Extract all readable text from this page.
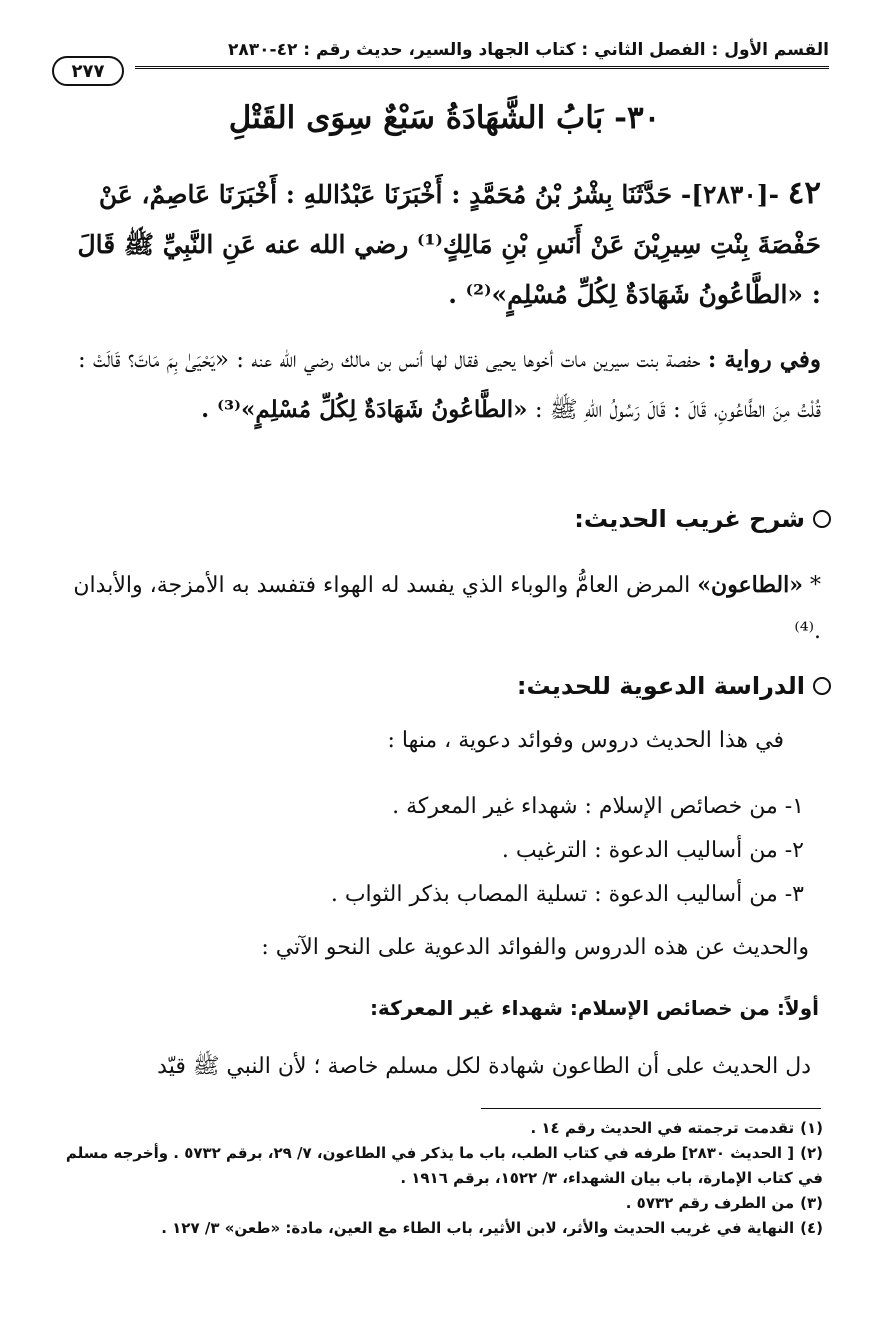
القسم الأول : الفصل الثاني : كتاب الجهاد والسير، حديث رقم : ٤٢-٢٨٣٠
٢٧٧
٣٠- بَابُ الشَّهَادَةُ سَبْعٌ سِوَى القَتْلِ
٤٢ -[٢٨٣٠]- حَدَّثَنَا بِشْرُ بْنُ مُحَمَّدٍ : أَخْبَرَنَا عَبْدُاللهِ : أَخْبَرَنَا عَاصِمٌ، عَنْ حَفْصَةَ بِنْتِ سِيرِيْنَ عَنْ أَنَسِ بْنِ مَالِكٍ⁽¹⁾ رضي الله عنه عَنِ النَّبِيِّ ﷺ قَالَ : «الطَّاعُونُ شَهَادَةٌ لِكُلِّ مُسْلِمٍ»⁽²⁾ .
وفي رواية : حفصة بنت سيرين مات أخوها يحيى فقال لها أنس بن مالك رضي الله عنه : «يَحْيَىٰ بِمَ مَاتَ؟ قَالَتْ : قُلْتُ مِنَ الطَّاعُونِ، قَالَ : قَالَ رَسُولُ اللهِ ﷺ : «الطَّاعُونُ شَهَادَةٌ لِكُلِّ مُسْلِمٍ»⁽³⁾ .
شرح غريب الحديث:
* «الطاعون» المرض العامُّ والوباء الذي يفسد له الهواء فتفسد به الأمزجة، والأبدان .⁽⁴⁾
الدراسة الدعوية للحديث:
في هذا الحديث دروس وفوائد دعوية ، منها :
١- من خصائص الإسلام : شهداء غير المعركة .
٢- من أساليب الدعوة : الترغيب .
٣- من أساليب الدعوة : تسلية المصاب بذكر الثواب .
والحديث عن هذه الدروس والفوائد الدعوية على النحو الآتي :
أولاً: من خصائص الإسلام: شهداء غير المعركة:
دل الحديث على أن الطاعون شهادة لكل مسلم خاصة ؛ لأن النبي ﷺ قيّد
(١)تقدمت ترجمته في الحديث رقم ١٤ .
(٢)[ الحديث ٢٨٣٠] طرفه في كتاب الطب، باب ما يذكر في الطاعون، ٧/ ٢٩، برقم ٥٧٣٢ . وأخرجه مسلم في كتاب الإمارة، باب بيان الشهداء، ٣/ ١٥٢٢، برقم ١٩١٦ .
(٣)من الطرف رقم ٥٧٣٢ .
(٤)النهاية في غريب الحديث والأثر، لابن الأثير، باب الطاء مع العين، مادة: «طعن» ٣/ ١٢٧ .
